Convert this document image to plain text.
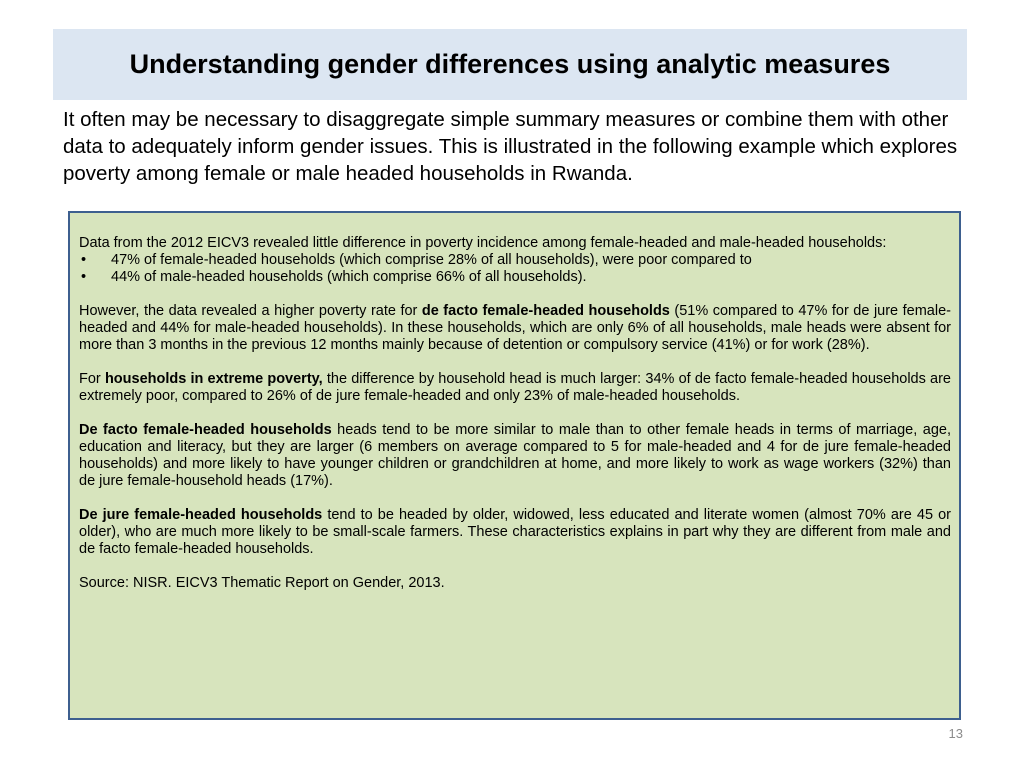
Understanding gender differences using analytic measures

It often may be necessary to disaggregate simple summary measures or combine them with other data to adequately inform gender issues. This is illustrated in the following example which explores poverty among female or male headed households in Rwanda.

Data from the 2012 EICV3 revealed little difference in poverty incidence among female-headed and male-headed households:

• 47% of female-headed households (which comprise 28% of all households), were poor compared to
• 44% of male-headed households (which comprise 66% of all households).

However, the data revealed a higher poverty rate for de facto female-headed households (51% compared to 47% for de jure female-headed and 44% for male-headed households). In these households, which are only 6% of all households, male heads were absent for more than 3 months in the previous 12 months mainly because of detention or compulsory service (41%) or for work (28%).

For households in extreme poverty, the difference by household head is much larger: 34% of de facto female-headed households are extremely poor, compared to 26% of de jure female-headed and only 23% of male-headed households.

De facto female-headed households heads tend to be more similar to male than to other female heads in terms of marriage, age, education and literacy, but they are larger (6 members on average compared to 5 for male-headed and 4 for de jure female-headed households) and more likely to have younger children or grandchildren at home, and more likely to work as wage workers (32%) than de jure female-household heads (17%).

De jure female-headed households tend to be headed by older, widowed, less educated and literate women (almost 70% are 45 or older), who are much more likely to be small-scale farmers. These characteristics explains in part why they are different from male and de facto female-headed households.

Source: NISR. EICV3 Thematic Report on Gender, 2013.

13
